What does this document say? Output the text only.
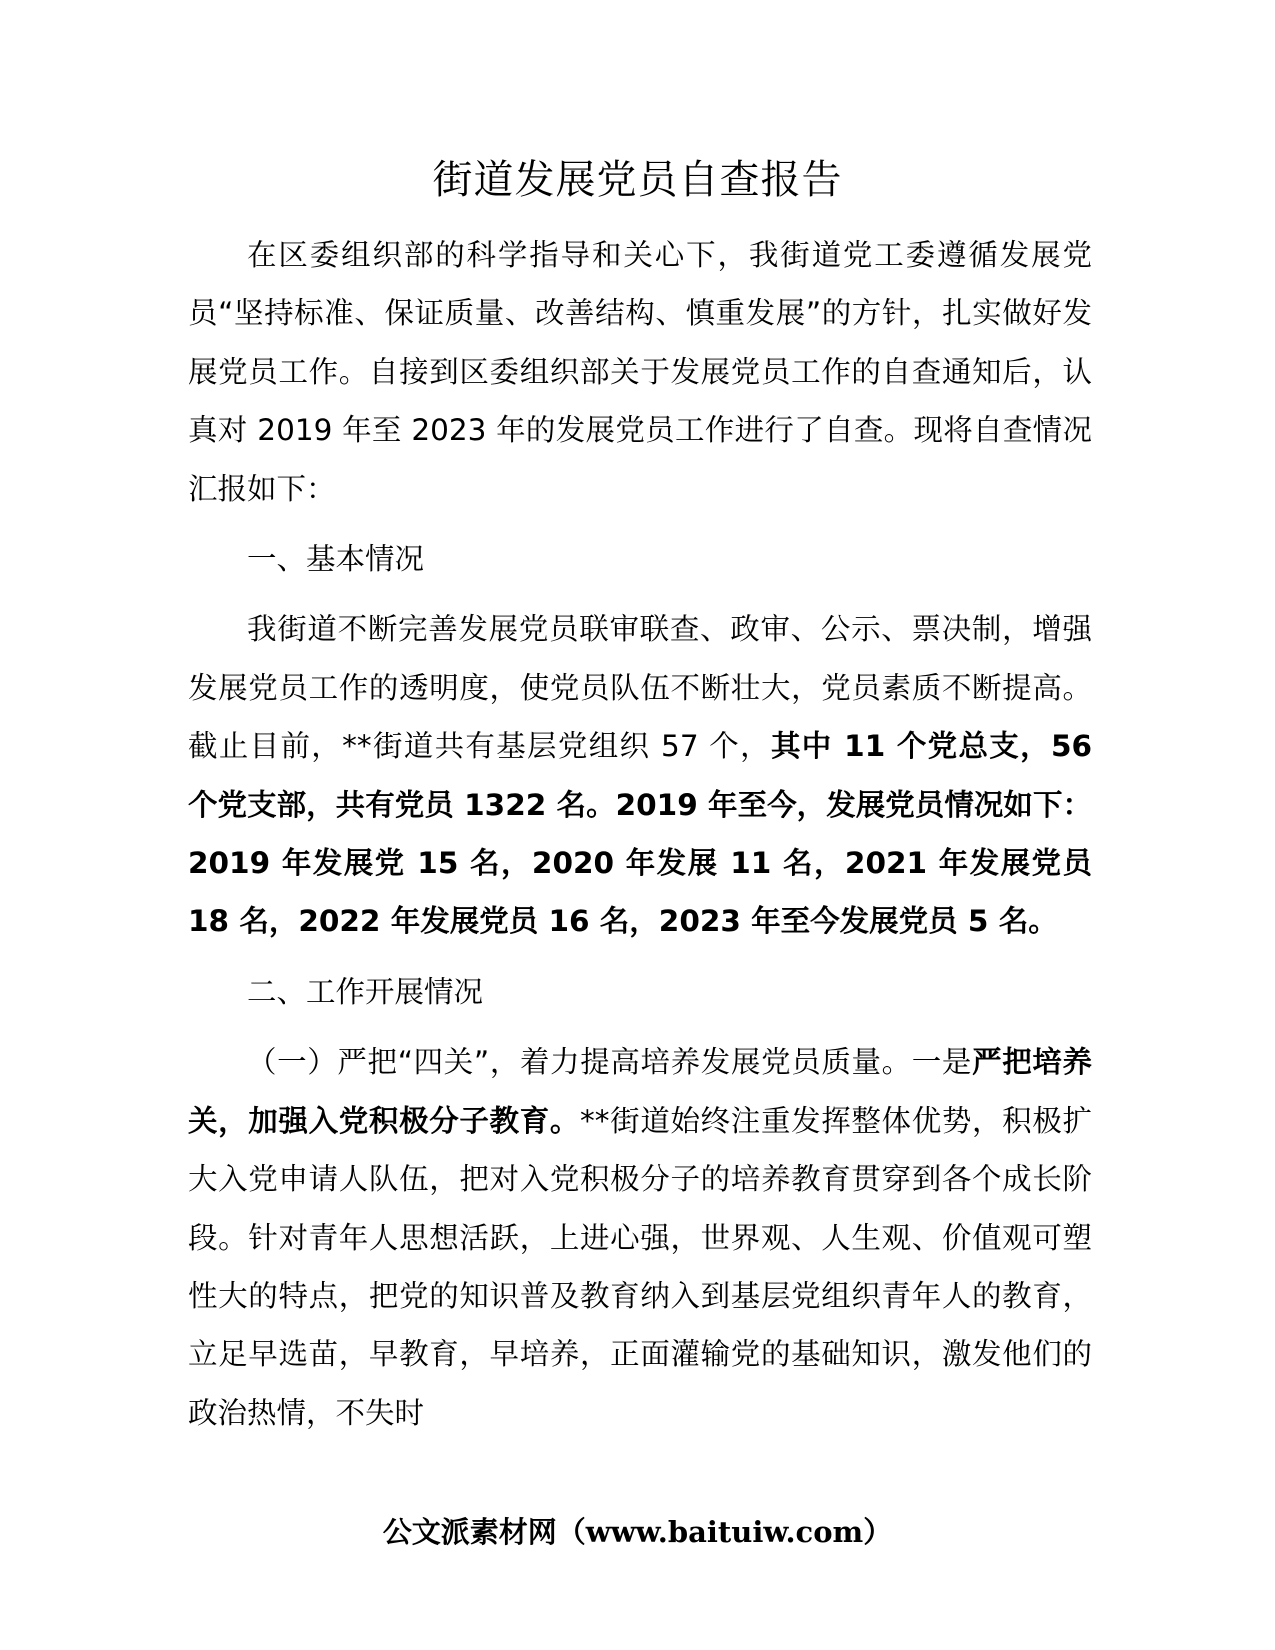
街道发展党员自查报告

在区委组织部的科学指导和关心下，我街道党工委遵循发展党员“坚持标准、保证质量、改善结构、慎重发展”的方针，扎实做好发展党员工作。自接到区委组织部关于发展党员工作的自查通知后，认真对 2019 年至 2023 年的发展党员工作进行了自查。现将自查情况汇报如下：

一、基本情况

我街道不断完善发展党员联审联查、政审、公示、票决制，增强发展党员工作的透明度，使党员队伍不断壮大，党员素质不断提高。截止目前，**街道共有基层党组织 57 个，其中 11 个党总支，56 个党支部，共有党员 1322 名。2019 年至今，发展党员情况如下：2019 年发展党 15 名，2020 年发展 11 名，2021 年发展党员 18 名，2022 年发展党员 16 名，2023 年至今发展党员 5 名。

二、工作开展情况

（一）严把“四关”，着力提高培养发展党员质量。一是严把培养关，加强入党积极分子教育。**街道始终注重发挥整体优势，积极扩大入党申请人队伍，把对入党积极分子的培养教育贯穿到各个成长阶段。针对青年人思想活跃，上进心强，世界观、人生观、价值观可塑性大的特点，把党的知识普及教育纳入到基层党组织青年人的教育，立足早选苗，早教育，早培养，正面灌输党的基础知识，激发他们的政治热情，不失时

公文派素材网（www.baituiw.com）
